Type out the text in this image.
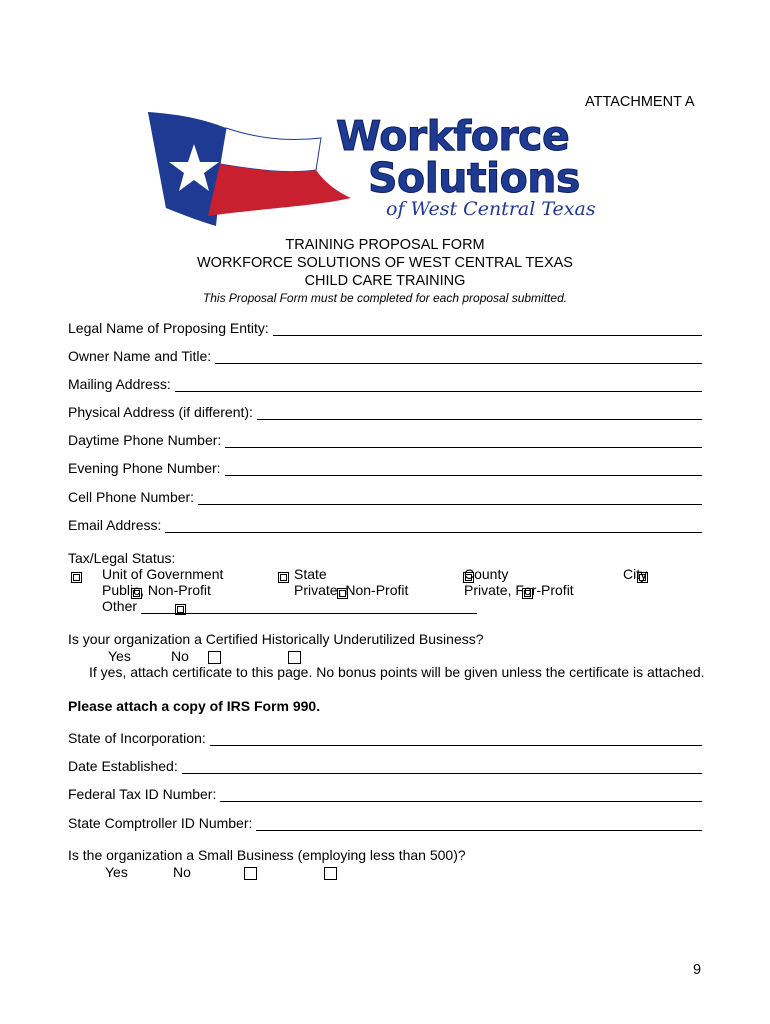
ATTACHMENT A
Workforce
Solutions
of West Central Texas
TRAINING PROPOSAL FORM
WORKFORCE SOLUTIONS OF WEST CENTRAL TEXAS
CHILD CARE TRAINING
This Proposal Form must be completed for each proposal submitted.
Legal Name of Proposing Entity:
Owner Name and Title:
Mailing Address:
Physical Address (if different):
Daytime Phone Number:
Evening Phone Number:
Cell Phone Number:
Email Address:
Tax/Legal Status:

Unit of Government
	State
	County
	City

Public, Non-Profit
	Private, Non-Profit
	Private, For-Profit

Other
Is your organization a Certified Historically Underutilized Business?

Yes
	No
If yes, attach certificate to this page. No bonus points will be given unless the certificate is attached.
Please attach a copy of IRS Form 990.
State of Incorporation:
Date Established:
Federal Tax ID Number:
State Comptroller ID Number:
Is the organization a Small Business (employing less than 500)?

Yes	No
9
